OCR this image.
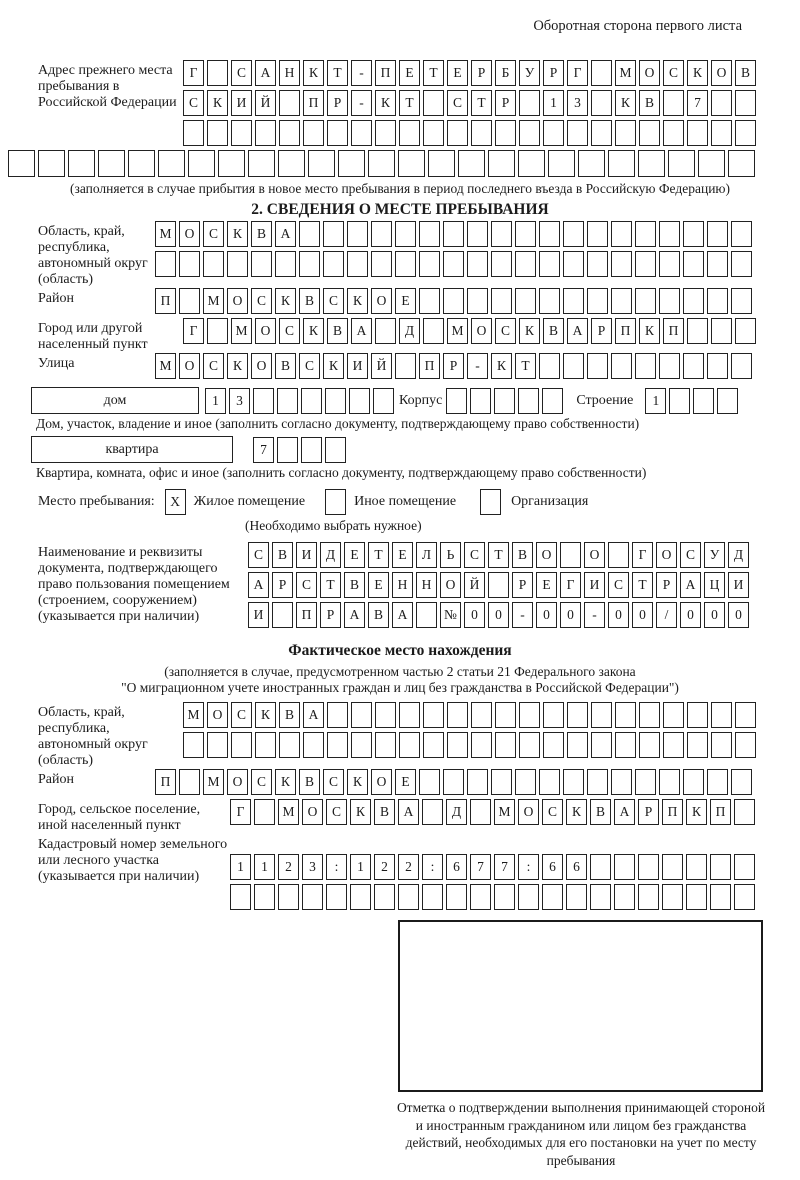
Оборотная сторона первого листа
Адрес прежнего места пребывания в Российской Федерации
Г	С	А	Н	К	Т	-	П	Е	Т	Е	Р	Б	У	Р	Г	М О	С	К	О	В
С	К	И	Й	П	Р	-	К	Т	С	Т	Р	1	3	К	В	7
(заполняется в случае прибытия в новое место пребывания в период последнего въезда в Российскую Федерацию)
2. СВЕДЕНИЯ О МЕСТЕ ПРЕБЫВАНИЯ
Область, край, республика, автономный округ (область)
М О	С	К	В	А
Район	П	М О	С	К	В	С	К	О	Е
Город или другой населенный пункт
Г	М О	С	К	В	А	Д	М О	С	К	В	А	Р	П	К	П
Улица	М О	С	К	О	В	С	К	И	Й	П	Р	-	К	Т
дом	1	3	Корпус	Строение	1
Дом, участок, владение и иное (заполнить согласно документу, подтверждающему право собственности)
квартира	7
Квартира, комната, офис и иное (заполнить согласно документу, подтверждающему право собственности)
Место пребывания:	X Жилое помещение	Иное помещение	Организация
(Необходимо выбрать нужное)
Наименование и реквизиты документа, подтверждающего право пользования помещением (строением, сооружением) (указывается при наличии)
С	В	И	Д	Е	Т	Е	Л	Ь	С	Т	В	О	О	Г	О	С	У	Д
А	Р	С	Т	В	Е	Н	Н	О	Й	Р	Е	Г	И	С	Т	Р	А	Ц	И
И	П	Р	А	В	А	№	0	0	-	0	0	-	0	0	/	0	0	0
Фактическое место нахождения
(заполняется в случае, предусмотренном частью 2 статьи 21 Федерального закона
"О миграционном учете иностранных граждан и лиц без гражданства в Российской Федерации")
Область, край, республика, автономный округ (область)
М О	С	К	В	А
Район	П	М О	С	К	В	С	К	О	Е
Город, сельское поселение, иной населенный пункт
Г	М О	С	К	В	А	Д	М О	С	К	В	А	Р	П	К	П
Кадастровый номер земельного или лесного участка (указывается при наличии)
1	1	2	3	:	1	2	2	:	6	7	7	:	6	6
Отметка о подтверждении выполнения принимающей стороной и иностранным гражданином или лицом без гражданства действий, необходимых для его постановки на учет по месту пребывания
